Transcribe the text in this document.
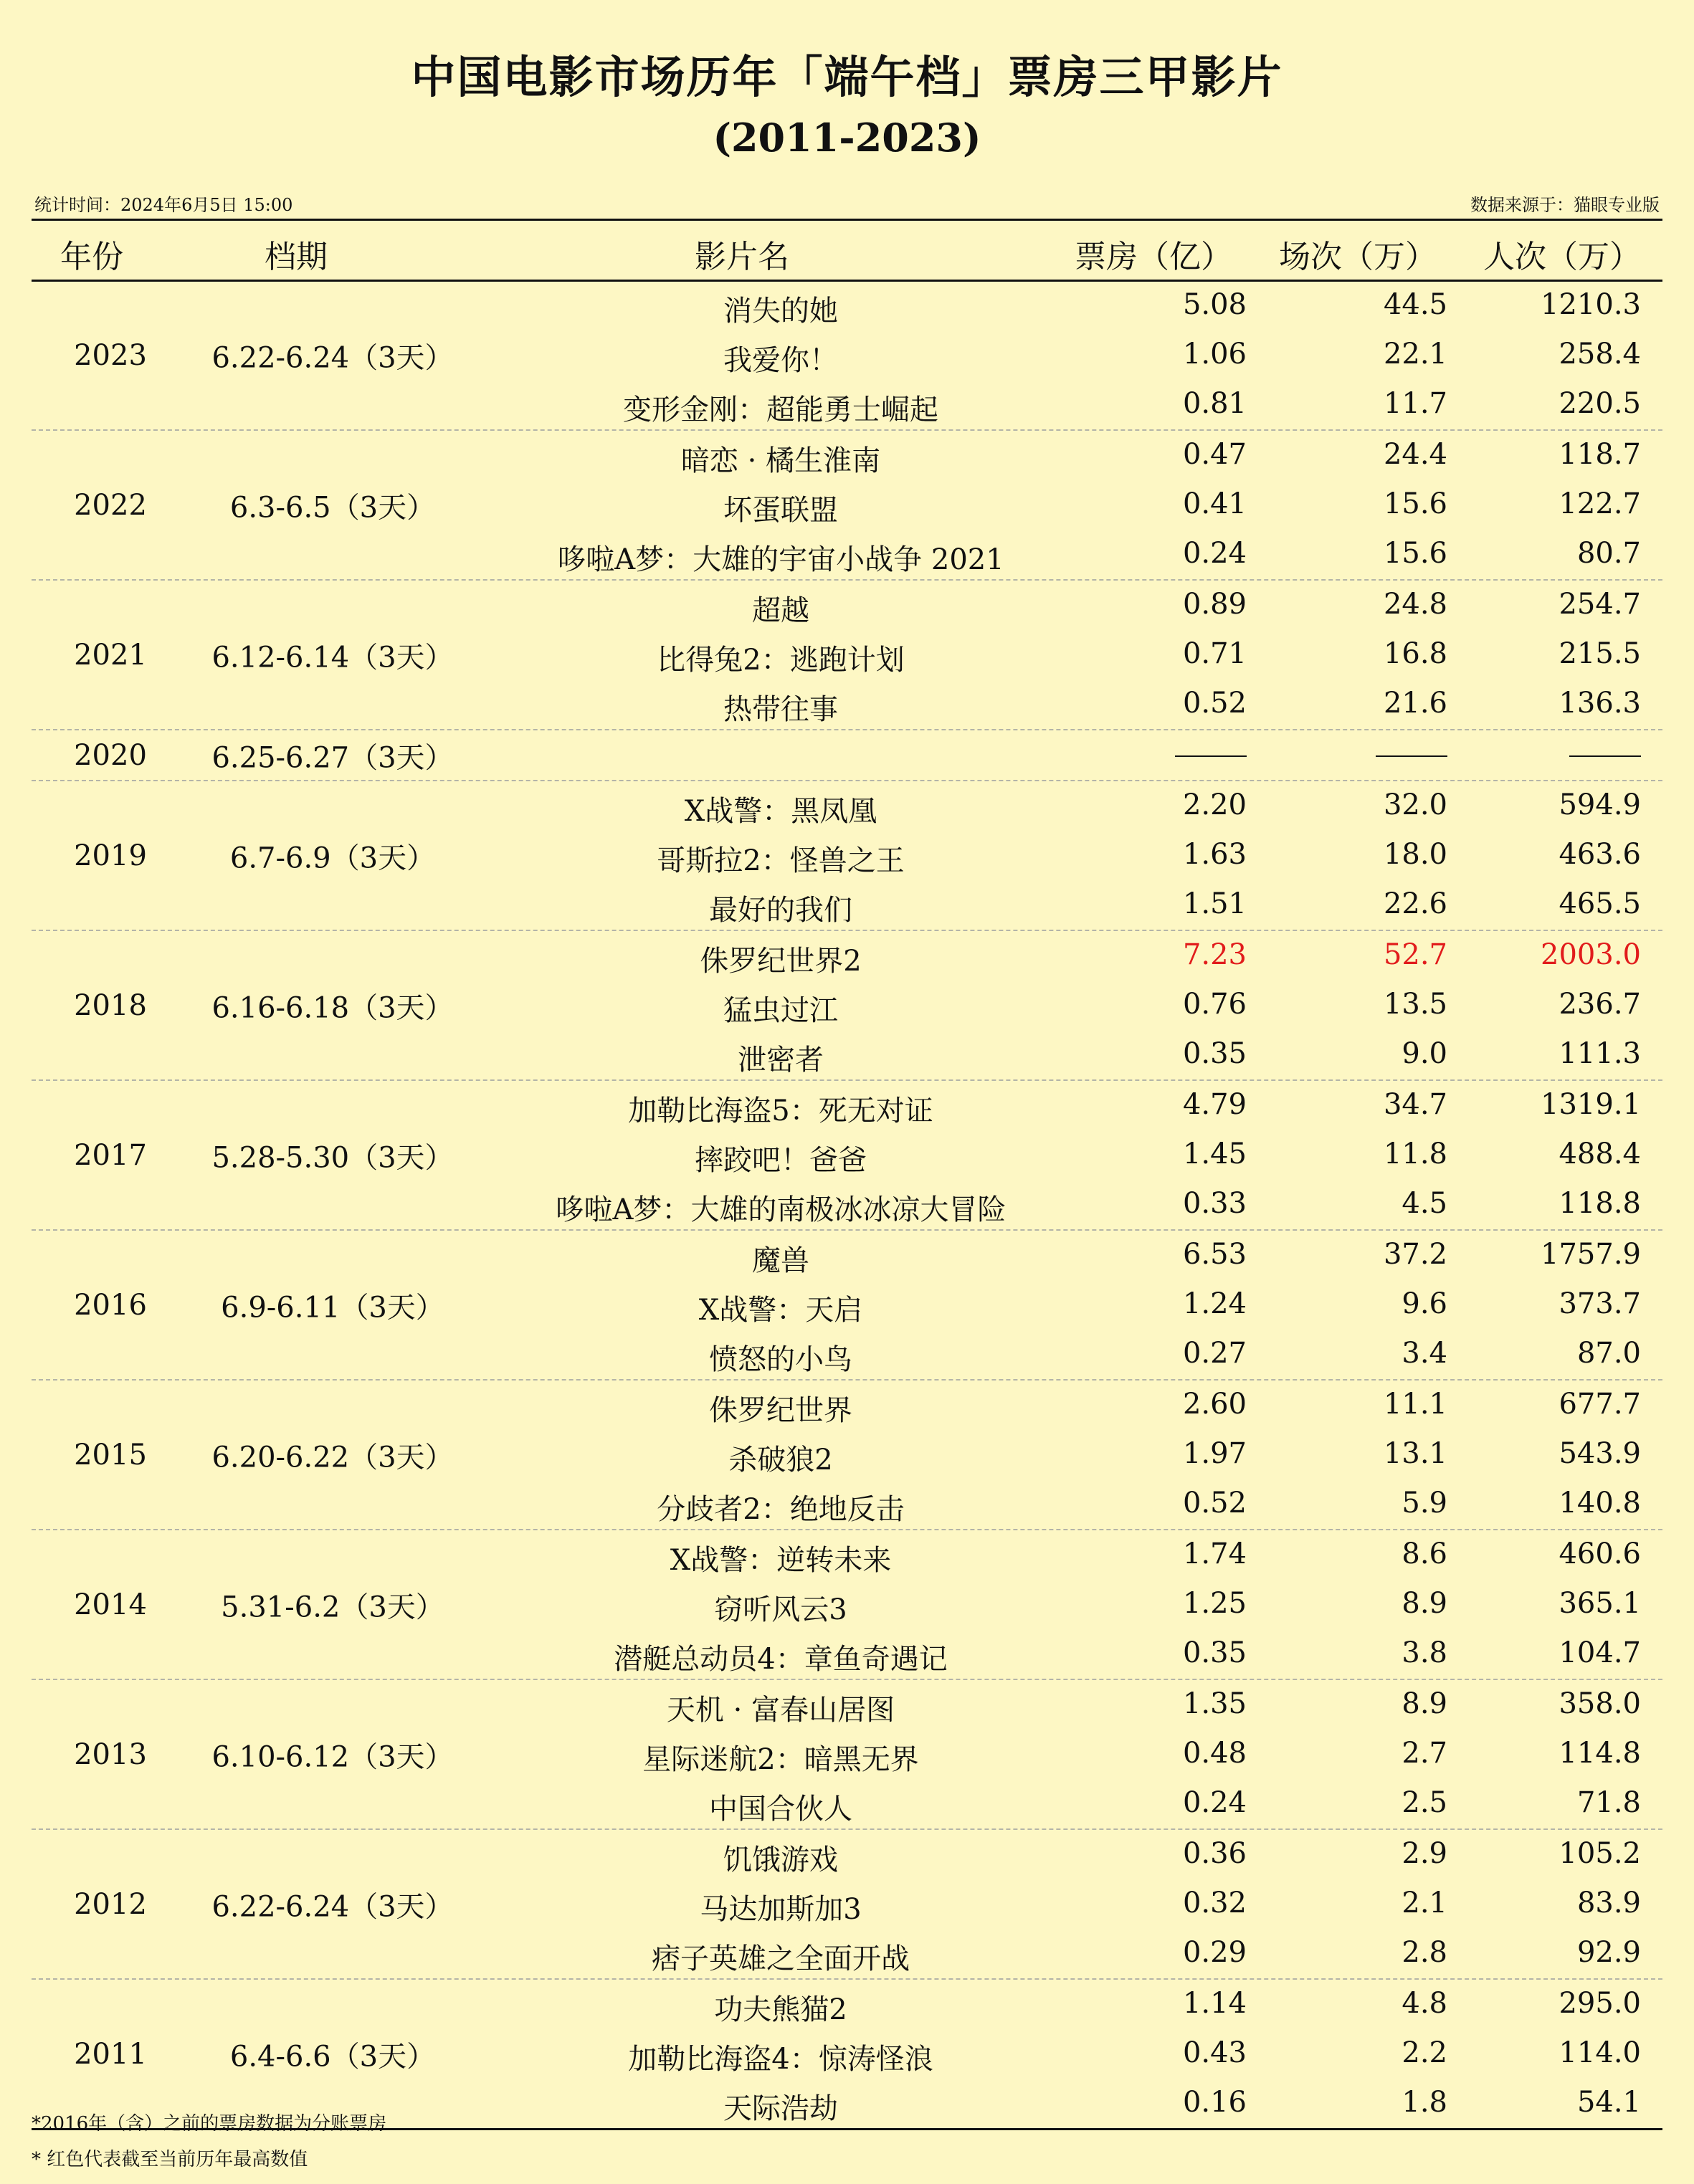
中国电影市场历年「端午档」票房三甲影片
(2011-2023)
统计时间：2024年6月5日 15:00	数据来源于：猫眼专业版
年份	档期	影片名	票房（亿） 场次（万） 人次（万）
2023	6.22-6.24（3天）
消失的她	5.08	44.5	1210.3
我爱你！	1.06	22.1	258.4
变形金刚：超能勇士崛起	0.81	11.7	220.5
2022	6.3-6.5（3天）
暗恋 · 橘生淮南	0.47	24.4	118.7
坏蛋联盟	0.41	15.6	122.7
哆啦A梦：大雄的宇宙小战争 2021	0.24	15.6	80.7
2021	6.12-6.14（3天）
超越	0.89	24.8	254.7
比得兔2：逃跑计划	0.71	16.8	215.5
热带往事	0.52	21.6	136.3
2020	6.25-6.27（3天）
2019	6.7-6.9（3天）
X战警：黑凤凰	2.20	32.0	594.9
哥斯拉2：怪兽之王	1.63	18.0	463.6
最好的我们	1.51	22.6	465.5
2018	6.16-6.18（3天）
侏罗纪世界2	7.23	52.7	2003.0
猛虫过江	0.76	13.5	236.7
泄密者	0.35	9.0	111.3
2017	5.28-5.30（3天）
加勒比海盗5：死无对证	4.79	34.7	1319.1
摔跤吧！爸爸	1.45	11.8	488.4
哆啦A梦：大雄的南极冰冰凉大冒险	0.33	4.5	118.8
2016	6.9-6.11（3天）
魔兽	6.53	37.2	1757.9
X战警：天启	1.24	9.6	373.7
愤怒的小鸟	0.27	3.4	87.0
2015	6.20-6.22（3天）
侏罗纪世界	2.60	11.1	677.7
杀破狼2	1.97	13.1	543.9
分歧者2：绝地反击	0.52	5.9	140.8
2014	5.31-6.2（3天）
X战警：逆转未来	1.74	8.6	460.6
窃听风云3	1.25	8.9	365.1
潜艇总动员4：章鱼奇遇记	0.35	3.8	104.7
2013	6.10-6.12（3天）
天机 · 富春山居图	1.35	8.9	358.0
星际迷航2：暗黑无界	0.48	2.7	114.8
中国合伙人	0.24	2.5	71.8
2012	6.22-6.24（3天）
饥饿游戏	0.36	2.9	105.2
马达加斯加3	0.32	2.1	83.9
痞子英雄之全面开战	0.29	2.8	92.9
2011	6.4-6.6（3天）
功夫熊猫2	1.14	4.8	295.0
加勒比海盗4：惊涛怪浪	0.43	2.2	114.0
天际浩劫	0.16	1.8	54.1
*2016年（含）之前的票房数据为分账票房
* 红色代表截至当前历年最高数值
